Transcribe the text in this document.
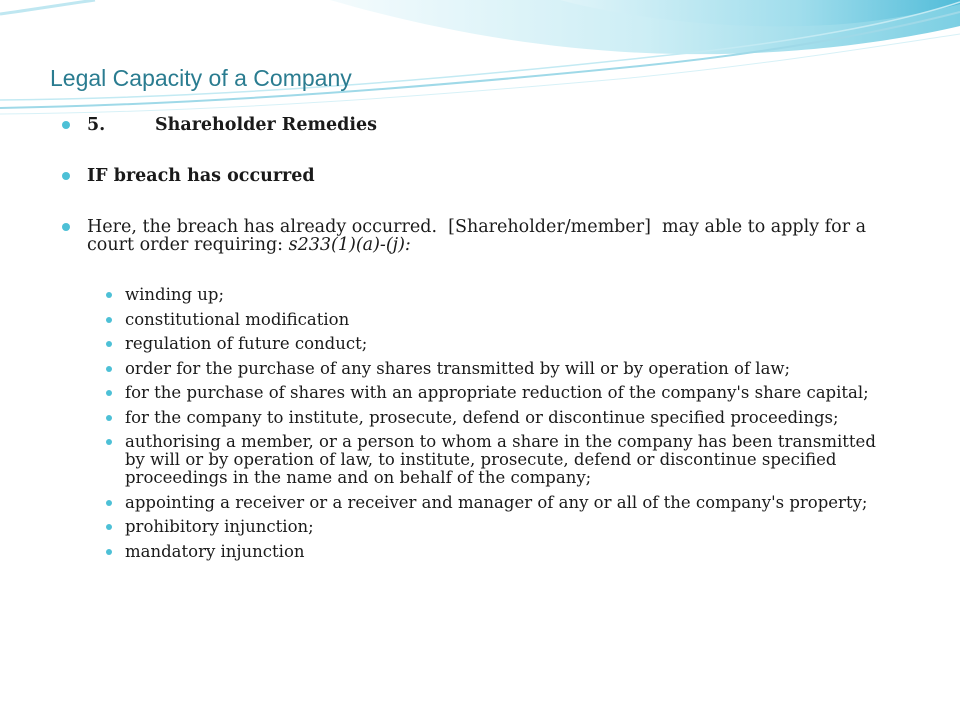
Legal Capacity of a Company
5.	Shareholder Remedies
IF breach has occurred
Here, the breach has already occurred.  [Shareholder/member]  may able to apply for a court order requiring: s233(1)(a)-(j):
winding up;
constitutional modification
regulation of future conduct;
order for the purchase of any shares transmitted by will or by operation of law;
for the purchase of shares with an appropriate reduction of the company's share capital;
for the company to institute, prosecute, defend or discontinue specified proceedings;
authorising a member, or a person to whom a share in the company has been transmitted by will or by operation of law, to institute, prosecute, defend or discontinue specified proceedings in the name and on behalf of the company;
appointing a receiver or a receiver and manager of any or all of the company's property;
prohibitory injunction;
mandatory injunction
